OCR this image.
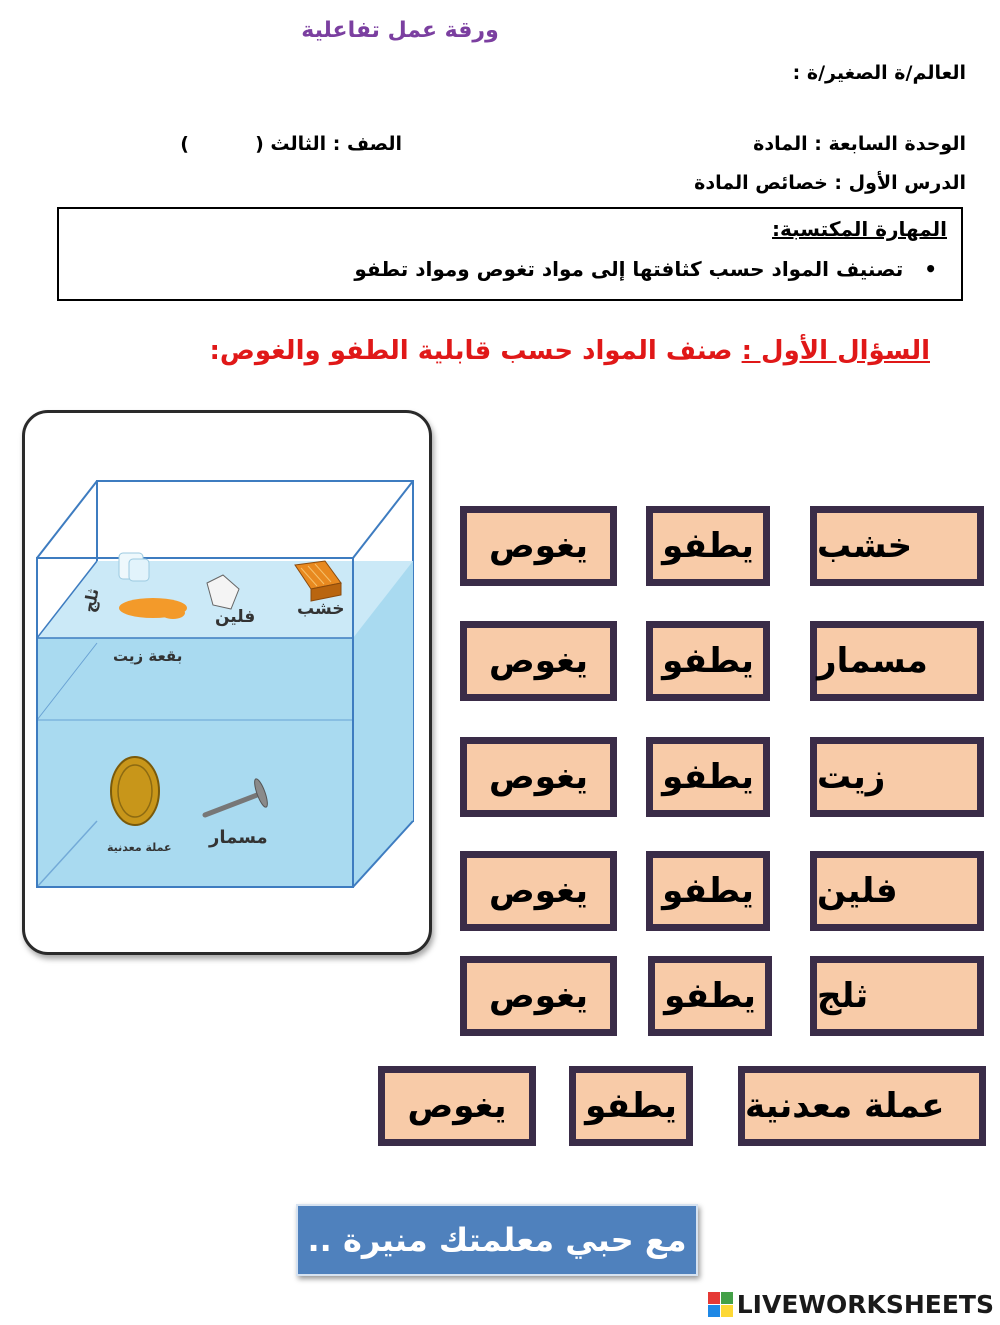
ورقة عمل تفاعلية
العالم/ة الصغير/ة :
الوحدة السابعة : المادة
الصف : الثالث (          )
الدرس الأول : خصائص المادة
المهارة المكتسبة:
•   تصنيف المواد حسب كثافتها إلى مواد تغوص ومواد تطفو
السؤال الأول : صنف المواد حسب قابلية الطفو والغوص:
خشب
فلين
ثلج
بقعة زيت
مسمار
عملة معدنية
خشب
يطفو
يغوص
مسمار
يطفو
يغوص
زيت
يطفو
يغوص
فلين
يطفو
يغوص
ثلج
يطفو
يغوص
عملة معدنية
يطفو
يغوص
مع حبي معلمتك منيرة ..
LIVEWORKSHEETS
